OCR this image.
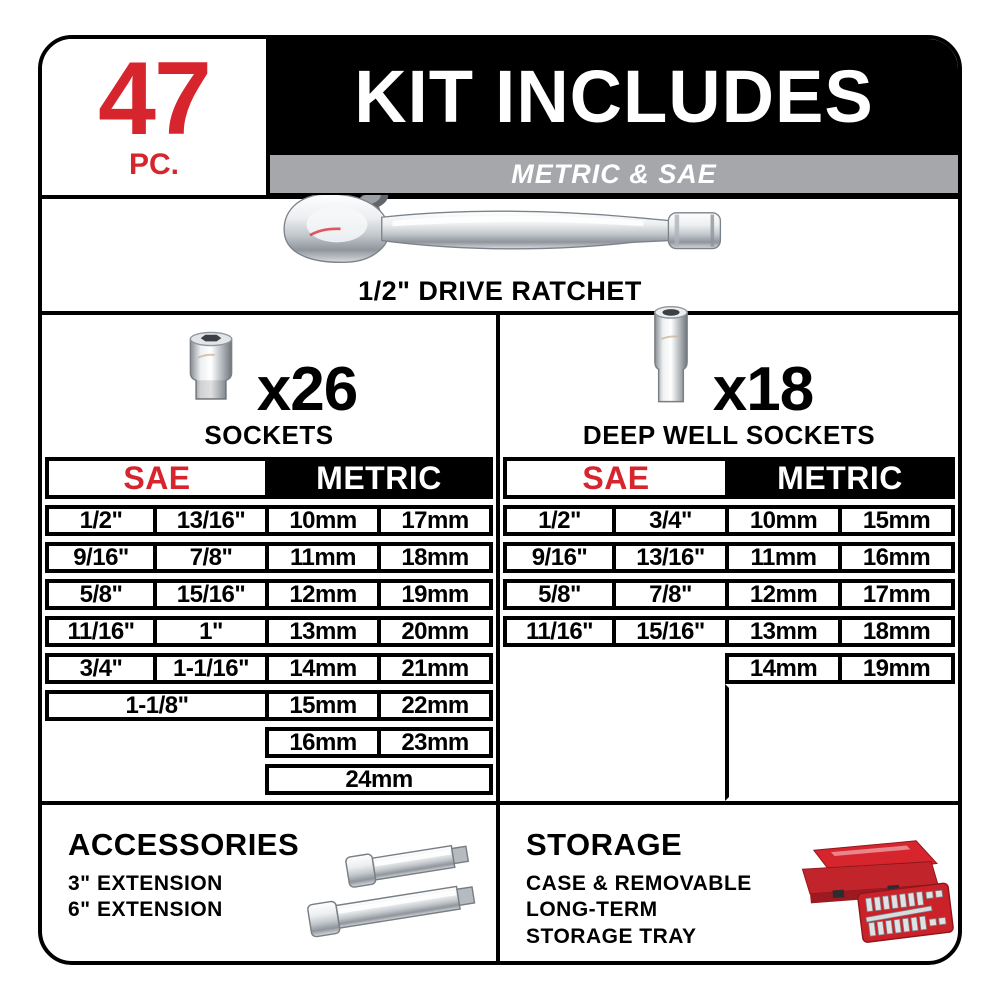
47
PC.
KIT INCLUDES
METRIC & SAE
1/2" DRIVE RATCHET
x26
SOCKETS
x18
DEEP WELL SOCKETS
SAE	METRIC
1/2"	13/16"	10mm	17mm
9/16"	7/8"	11mm	18mm
5/8"	15/16"	12mm	19mm
11/16"	1"	13mm	20mm
3/4"	1-1/16"	14mm	21mm
1-1/8"	15mm	22mm
16mm	23mm
24mm
SAE	METRIC
1/2"	3/4"	10mm	15mm
9/16"	13/16"	11mm	16mm
5/8"	7/8"	12mm	17mm
11/16"	15/16"	13mm	18mm
14mm	19mm
ACCESSORIES
3" EXTENSION
6" EXTENSION
STORAGE
CASE & REMOVABLE
LONG-TERM
STORAGE TRAY
